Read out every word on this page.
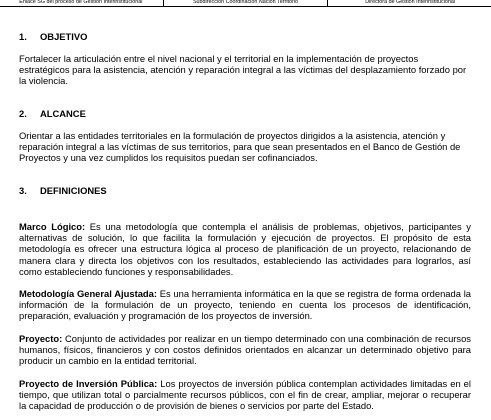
Enlace SG del proceso de Gestión Interinstitucional	Subdirección Coordinación Nación Territorio	Directora de Gestión Interinstitucional
1. OBJETIVO
Fortalecer la articulación entre el nivel nacional y el territorial en la implementación de proyectos estratégicos para la asistencia, atención y reparación integral a las víctimas del desplazamiento forzado por la violencia.
2. ALCANCE
Orientar a las entidades territoriales en la formulación de proyectos dirigidos a la asistencia, atención y reparación integral a las víctimas de sus territorios, para que sean presentados en el Banco de Gestión de Proyectos y una vez cumplidos los requisitos puedan ser cofinanciados.
3. DEFINICIONES
Marco Lógico: Es una metodología que contempla el análisis de problemas, objetivos, participantes y alternativas de solución, lo que facilita la formulación y ejecución de proyectos. El propósito de esta metodología es ofrecer una estructura lógica al proceso de planificación de un proyecto, relacionando de manera clara y directa los objetivos con los resultados, estableciendo las actividades para lograrlos, así como estableciendo funciones y responsabilidades.
Metodología General Ajustada: Es una herramienta informática en la que se registra de forma ordenada la información de la formulación de un proyecto, teniendo en cuenta los procesos de identificación, preparación, evaluación y programación de los proyectos de inversión.
Proyecto: Conjunto de actividades por realizar en un tiempo determinado con una combinación de recursos humanos, físicos, financieros y con costos definidos orientados en alcanzar un determinado objetivo para producir un cambio en la entidad territorial.
Proyecto de Inversión Pública: Los proyectos de inversión pública contemplan actividades limitadas en el tiempo, que utilizan total o parcialmente recursos públicos, con el fin de crear, ampliar, mejorar o recuperar la capacidad de producción o de provisión de bienes o servicios por parte del Estado.
